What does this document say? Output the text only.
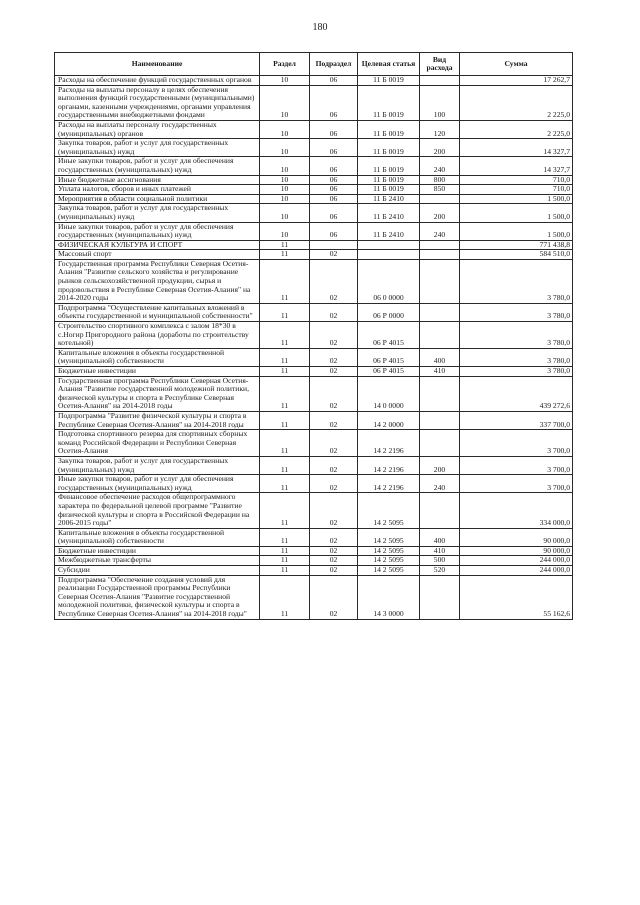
180
Наименование	Раздел	Подраздел	Целевая статья	Вид расхода	Сумма
Расходы на обеспечение функций государственных органов	10	06	11 Б 0019		17 262,7
Расходы на выплаты персоналу в целях обеспечения выполнения функций государственными (муниципальными) органами, казенными учреждениями, органами управления государственными внебюджетными фондами	10	06	11 Б 0019	100	2 225,0
Расходы на выплаты персоналу государственных (муниципальных) органов	10	06	11 Б 0019	120	2 225,0
Закупка товаров, работ и услуг для государственных (муниципальных) нужд	10	06	11 Б 0019	200	14 327,7
Иные закупки товаров, работ и услуг для обеспечения государственных (муниципальных) нужд	10	06	11 Б 0019	240	14 327,7
Иные бюджетные ассигнования	10	06	11 Б 0019	800	710,0
Уплата налогов, сборов и иных платежей	10	06	11 Б 0019	850	710,0
Мероприятия в области социальной политики	10	06	11 Б 2410		1 500,0
Закупка товаров, работ и услуг для государственных (муниципальных) нужд	10	06	11 Б 2410	200	1 500,0
Иные закупки товаров, работ и услуг для обеспечения государственных (муниципальных) нужд	10	06	11 Б 2410	240	1 500,0
ФИЗИЧЕСКАЯ КУЛЬТУРА И СПОРТ	11				771 438,8
Массовый спорт	11	02			584 510,0
Государственная программа Республики Северная Осетия-Алания "Развитие сельского хозяйства и регулирование рынков сельскохозяйственной продукции, сырья и продовольствия в Республике Северная Осетия-Алания" на 2014-2020 годы	11	02	06 0 0000		3 780,0
Подпрограмма "Осуществление капитальных вложений в объекты государственной и муниципальной собственности"	11	02	06 Р 0000		3 780,0
Строительство спортивного комплекса с залом 18*30 в с.Ногир Пригородного района (доработы по строительству котельной)	11	02	06 Р 4015		3 780,0
Капитальные вложения в объекты государственной (муниципальной) собственности	11	02	06 Р 4015	400	3 780,0
Бюджетные инвестиции	11	02	06 Р 4015	410	3 780,0
Государственная программа Республики Северная Осетия-Алания "Развитие государственной молодежной политики, физической культуры и спорта в Республике Северная Осетия-Алания" на 2014-2018 годы	11	02	14 0 0000		439 272,6
Подпрограмма "Развитие физической культуры и спорта в Республике Северная Осетия-Алания" на 2014-2018 годы	11	02	14 2 0000		337 700,0
Подготовка спортивного резерва для спортивных сборных команд Российской Федерации и Республики Северная Осетия-Алания	11	02	14 2 2196		3 700,0
Закупка товаров, работ и услуг для государственных (муниципальных) нужд	11	02	14 2 2196	200	3 700,0
Иные закупки товаров, работ и услуг для обеспечения государственных (муниципальных) нужд	11	02	14 2 2196	240	3 700,0
Финансовое обеспечение расходов общепрограммного характера по федеральной целевой программе "Развитие физической культуры и спорта в Российской Федерации на 2006-2015 годы"	11	02	14 2 5095		334 000,0
Капитальные вложения в объекты государственной (муниципальной) собственности	11	02	14 2 5095	400	90 000,0
Бюджетные инвестиции	11	02	14 2 5095	410	90 000,0
Межбюджетные трансферты	11	02	14 2 5095	500	244 000,0
Субсидии	11	02	14 2 5095	520	244 000,0
Подпрограмма "Обеспечение создания условий для реализации Государственной программы Республики Северная Осетия-Алания "Развитие государственной молодежной политики, физической культуры и спорта в Республике Северная Осетия-Алания" на 2014-2018 годы"	11	02	14 3 0000		55 162,6
